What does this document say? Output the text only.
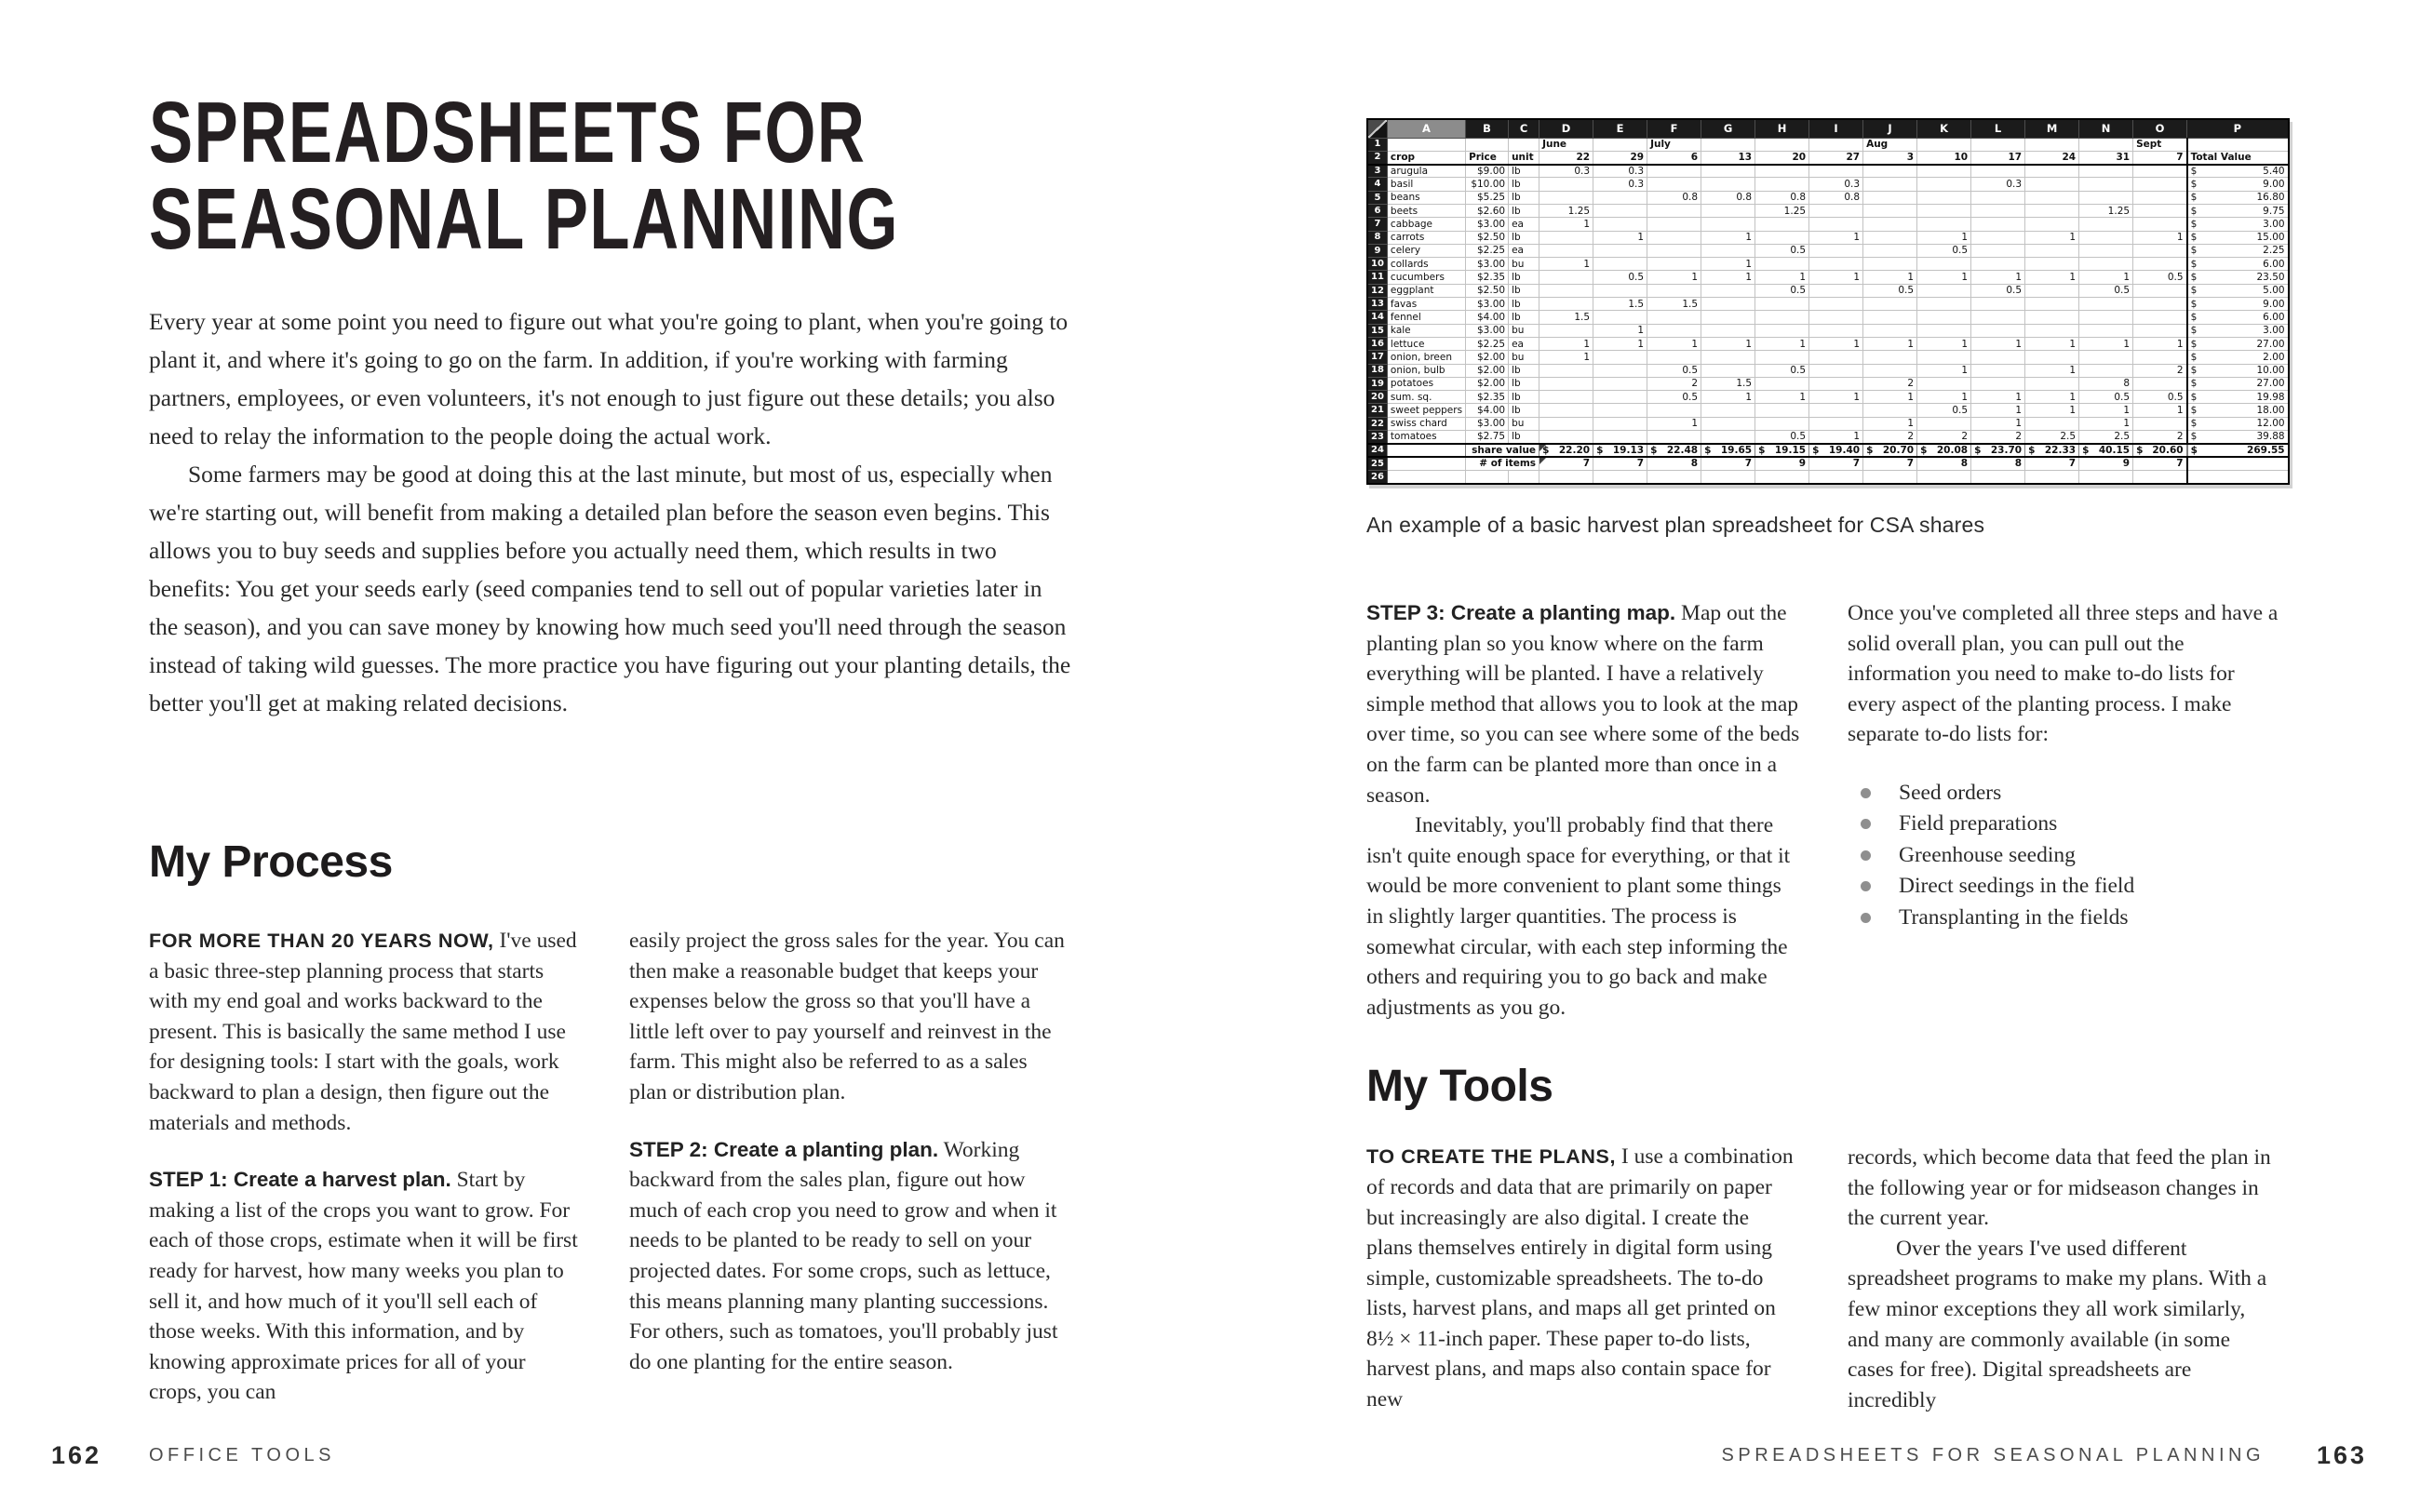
SPREADSHEETS FOR
SEASONAL PLANNING

Every year at some point you need to figure out what you're going to plant, when you're going to plant it, and where it's going to go on the farm. In addition, if you're working with farming partners, employees, or even volunteers, it's not enough to just figure out these details; you also need to relay the information to the people doing the actual work.

Some farmers may be good at doing this at the last minute, but most of us, especially when we're starting out, will benefit from making a detailed plan before the season even begins. This allows you to buy seeds and supplies before you actually need them, which results in two benefits: You get your seeds early (seed companies tend to sell out of popular varieties later in the season), and you can save money by knowing how much seed you'll need through the season instead of taking wild guesses. The more practice you have figuring out your planting details, the better you'll get at making related decisions.

My Process

FOR MORE THAN 20 YEARS NOW, I've used a basic three-step planning process that starts with my end goal and works backward to the present. This is basically the same method I use for designing tools: I start with the goals, work backward to plan a design, then figure out the materials and methods.

STEP 1: Create a harvest plan. Start by making a list of the crops you want to grow. For each of those crops, estimate when it will be first ready for harvest, how many weeks you plan to sell it, and how much of it you'll sell each of those weeks. With this information, and by knowing approximate prices for all of your crops, you can

easily project the gross sales for the year. You can then make a reasonable budget that keeps your expenses below the gross so that you'll have a little left over to pay yourself and reinvest in the farm. This might also be referred to as a sales plan or distribution plan.

STEP 2: Create a planting plan. Working backward from the sales plan, figure out how much of each crop you need to grow and when it needs to be planted to be ready to sell on your projected dates. For some crops, such as lettuce, this means planning many planting successions. For others, such as tomatoes, you'll probably just do one planting for the entire season.

162	OFFICE TOOLS
	A	B	C	D	E	F	G	H	I	J	K	L	M	N	O	P
1				June		July				Aug					Sept	
2	crop	Price	unit	22	29	6	13	20	27	3	10	17	24	31	7	Total Value
3	arugula	$9.00	lb	0.3	0.3											$ 5.40
4	basil	$10.00	lb		0.3				0.3			0.3				$ 9.00
5	beans	$5.25	lb			0.8	0.8	0.8	0.8							$ 16.80
6	beets	$2.60	lb	1.25				1.25						1.25		$ 9.75
7	cabbage	$3.00	ea	1												$ 3.00
8	carrots	$2.50	lb		1		1		1		1		1		1	$ 15.00
9	celery	$2.25	ea					0.5			0.5					$ 2.25
10	collards	$3.00	bu	1			1									$ 6.00
11	cucumbers	$2.35	lb		0.5	1	1	1	1	1	1	1	1	1	0.5	$ 23.50
12	eggplant	$2.50	lb					0.5		0.5		0.5		0.5		$ 5.00
13	favas	$3.00	lb		1.5	1.5										$ 9.00
14	fennel	$4.00	lb	1.5												$ 6.00
15	kale	$3.00	bu		1											$ 3.00
16	lettuce	$2.25	ea	1	1	1	1	1	1	1	1	1	1	1	1	$ 27.00
17	onion, breen	$2.00	bu	1												$ 2.00
18	onion, bulb	$2.00	lb			0.5		0.5			1		1		2	$ 10.00
19	potatoes	$2.00	lb			2	1.5			2				8		$ 27.00
20	sum. sq.	$2.35	lb			0.5	1	1	1	1	1	1	1	0.5	0.5	$ 19.98
21	sweet peppers	$4.00	lb								0.5	1	1	1	1	$ 18.00
22	swiss chard	$3.00	bu			1				1		1		1		$ 12.00
23	tomatoes	$2.75	lb					0.5	1	2	2	2	2.5	2.5	2	$ 39.88
24		share value		$ 22.20	$ 19.13	$ 22.48	$ 19.65	$ 19.15	$ 19.40	$ 20.70	$ 20.08	$ 23.70	$ 22.33	$ 40.15	$ 20.60	$ 269.55
25		# of items		7	7	8	7	9	7	7	8	8	7	9	7	
26																
An example of a basic harvest plan spreadsheet for CSA shares

STEP 3: Create a planting map. Map out the planting plan so you know where on the farm everything will be planted. I have a relatively simple method that allows you to look at the map over time, so you can see where some of the beds on the farm can be planted more than once in a season.

Inevitably, you'll probably find that there isn't quite enough space for everything, or that it would be more convenient to plant some things in slightly larger quantities. The process is somewhat circular, with each step informing the others and requiring you to go back and make adjustments as you go.

My Tools

TO CREATE THE PLANS, I use a combination of records and data that are primarily on paper but increasingly are also digital. I create the plans themselves entirely in digital form using simple, customizable spreadsheets. The to-do lists, harvest plans, and maps all get printed on 8½ × 11-inch paper. These paper to-do lists, harvest plans, and maps also contain space for new

Once you've completed all three steps and have a solid overall plan, you can pull out the information you need to make to-do lists for every aspect of the planting process. I make separate to-do lists for:

Seed orders
Field preparations
Greenhouse seeding
Direct seedings in the field
Transplanting in the fields

records, which become data that feed the plan in the following year or for midseason changes in the current year.

Over the years I've used different spreadsheet programs to make my plans. With a few minor exceptions they all work similarly, and many are commonly available (in some cases for free). Digital spreadsheets are incredibly

SPREADSHEETS FOR SEASONAL PLANNING 163
